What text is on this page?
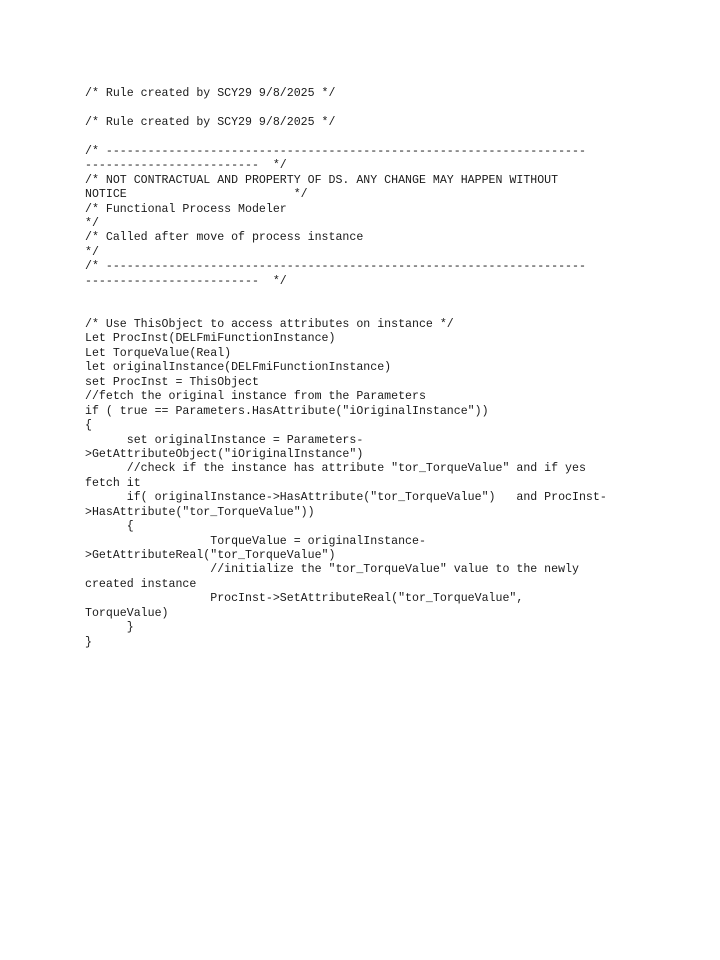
/* Rule created by SCY29 9/8/2025 */
/* Rule created by SCY29 9/8/2025 */
/* ---------------------------------------------------------------------
-------------------------  */
/* NOT CONTRACTUAL AND PROPERTY OF DS. ANY CHANGE MAY HAPPEN WITHOUT
NOTICE                        */
/* Functional Process Modeler
*/
/* Called after move of process instance
*/
/* ---------------------------------------------------------------------
-------------------------  */
/* Use ThisObject to access attributes on instance */
Let ProcInst(DELFmiFunctionInstance)
Let TorqueValue(Real)
let originalInstance(DELFmiFunctionInstance)
set ProcInst = ThisObject
//fetch the original instance from the Parameters
if ( true == Parameters.HasAttribute("iOriginalInstance"))
{
set originalInstance = Parameters-
>GetAttributeObject("iOriginalInstance")
//check if the instance has attribute "tor_TorqueValue" and if yes
fetch it
if( originalInstance->HasAttribute("tor_TorqueValue")   and ProcInst-
>HasAttribute("tor_TorqueValue"))
{
TorqueValue = originalInstance-
>GetAttributeReal("tor_TorqueValue")
//initialize the "tor_TorqueValue" value to the newly
created instance
ProcInst->SetAttributeReal("tor_TorqueValue",
TorqueValue)
}
}
